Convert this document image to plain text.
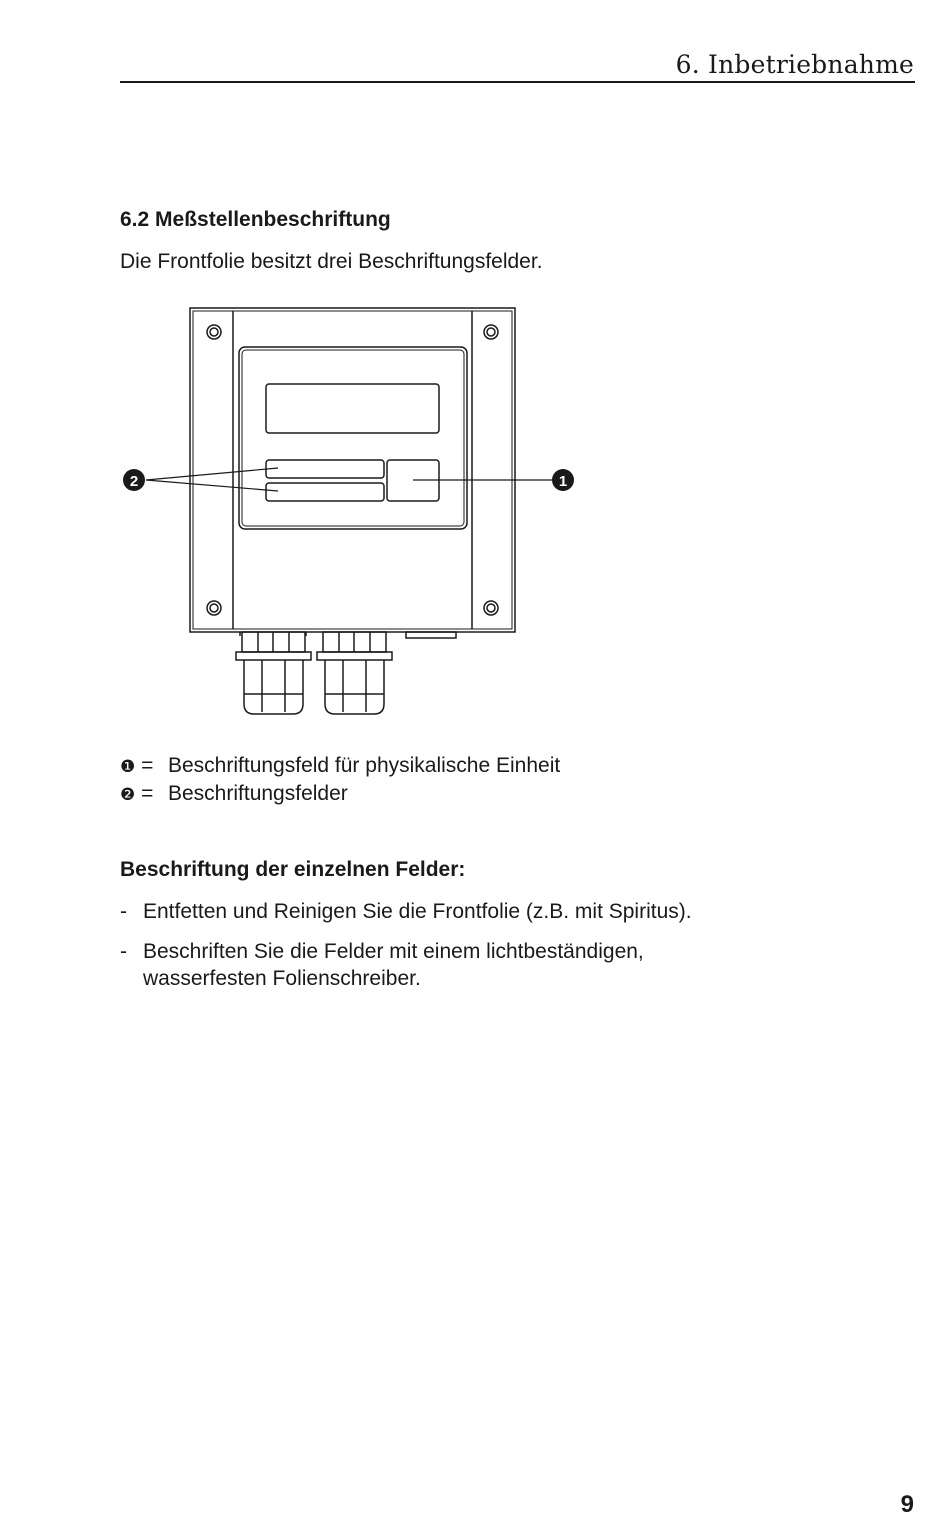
6. Inbetriebnahme
6.2 Meßstellenbeschriftung
Die Frontfolie besitzt drei Beschriftungsfelder.
2	1
❶ = Beschriftungsfeld für physikalische Einheit
❷ = Beschriftungsfelder
Beschriftung der einzelnen Felder:
- Entfetten und Reinigen Sie die Frontfolie (z.B. mit Spiritus).
- Beschriften Sie die Felder mit einem lichtbeständigen, wasserfesten Folienschreiber.
9
